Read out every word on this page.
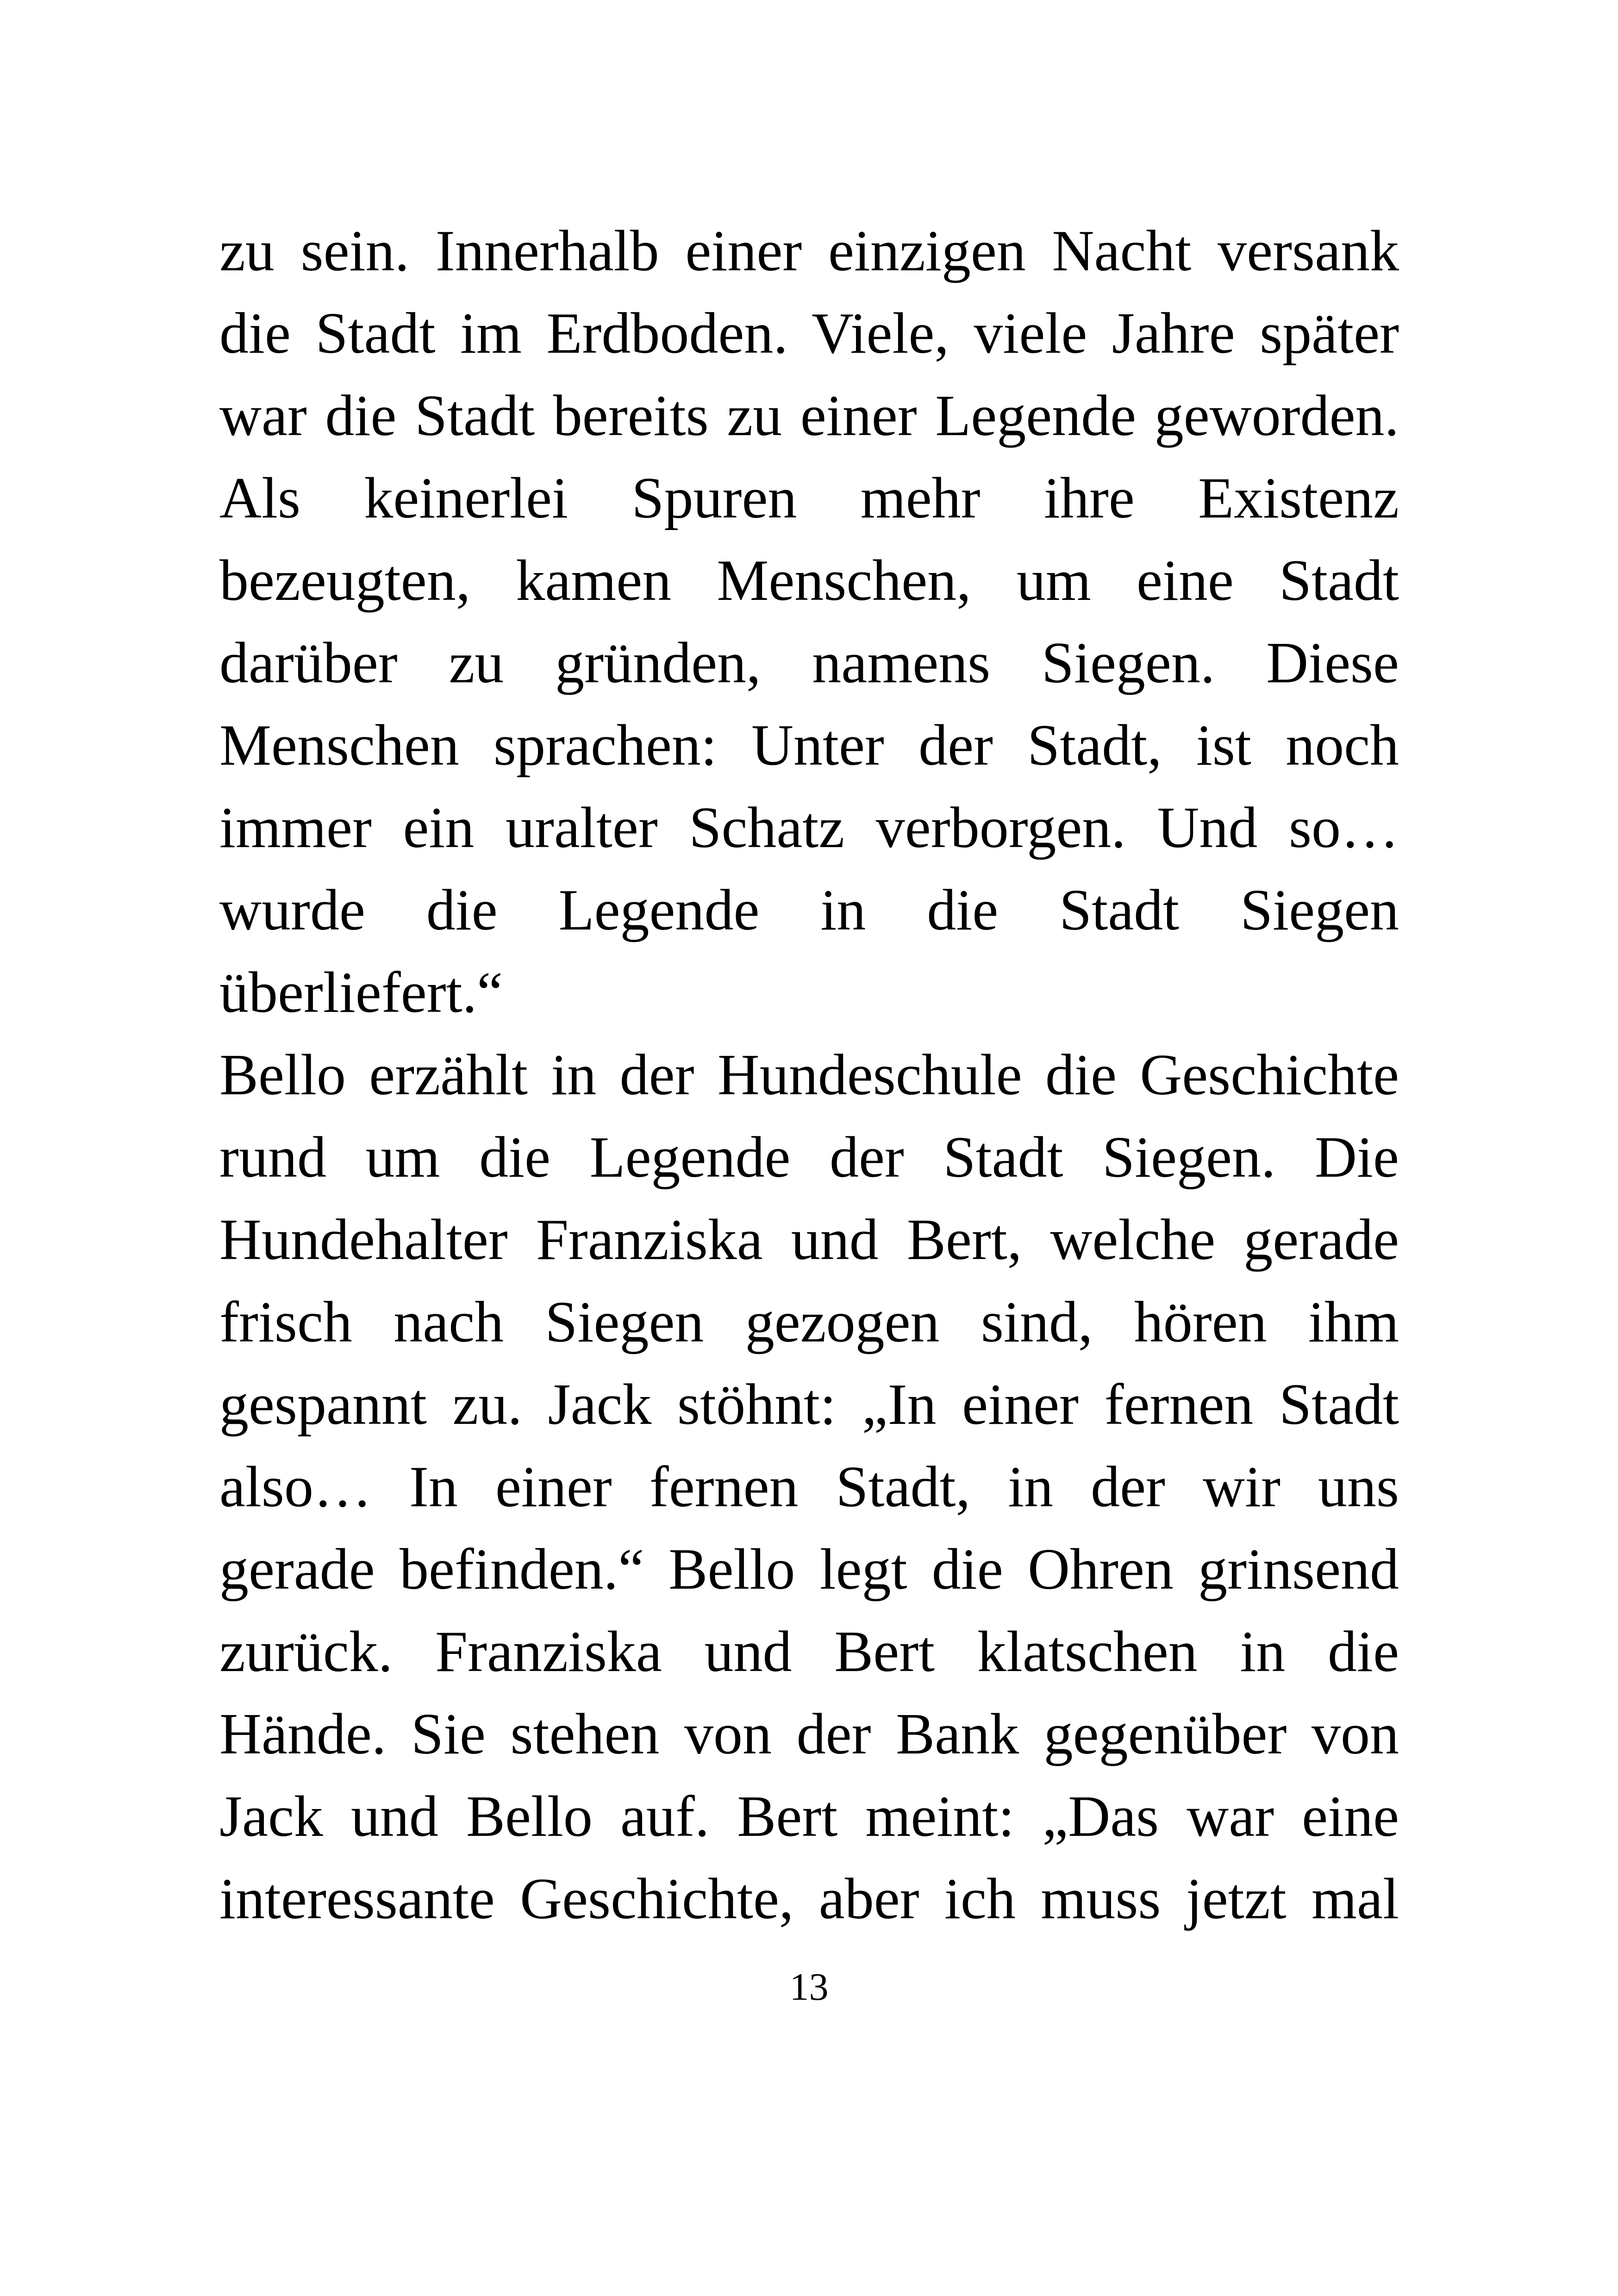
zu sein. Innerhalb einer einzigen Nacht versank
die Stadt im Erdboden. Viele, viele Jahre später
war die Stadt bereits zu einer Legende geworden.
Als keinerlei Spuren mehr ihre Existenz
bezeugten, kamen Menschen, um eine Stadt
darüber zu gründen, namens Siegen. Diese
Menschen sprachen: Unter der Stadt, ist noch
immer ein uralter Schatz verborgen. Und so…
wurde die Legende in die Stadt Siegen
überliefert.“
Bello erzählt in der Hundeschule die Geschichte
rund um die Legende der Stadt Siegen. Die
Hundehalter Franziska und Bert, welche gerade
frisch nach Siegen gezogen sind, hören ihm
gespannt zu. Jack stöhnt: „In einer fernen Stadt
also… In einer fernen Stadt, in der wir uns
gerade befinden.“ Bello legt die Ohren grinsend
zurück. Franziska und Bert klatschen in die
Hände. Sie stehen von der Bank gegenüber von
Jack und Bello auf. Bert meint: „Das war eine
interessante Geschichte, aber ich muss jetzt mal
13
